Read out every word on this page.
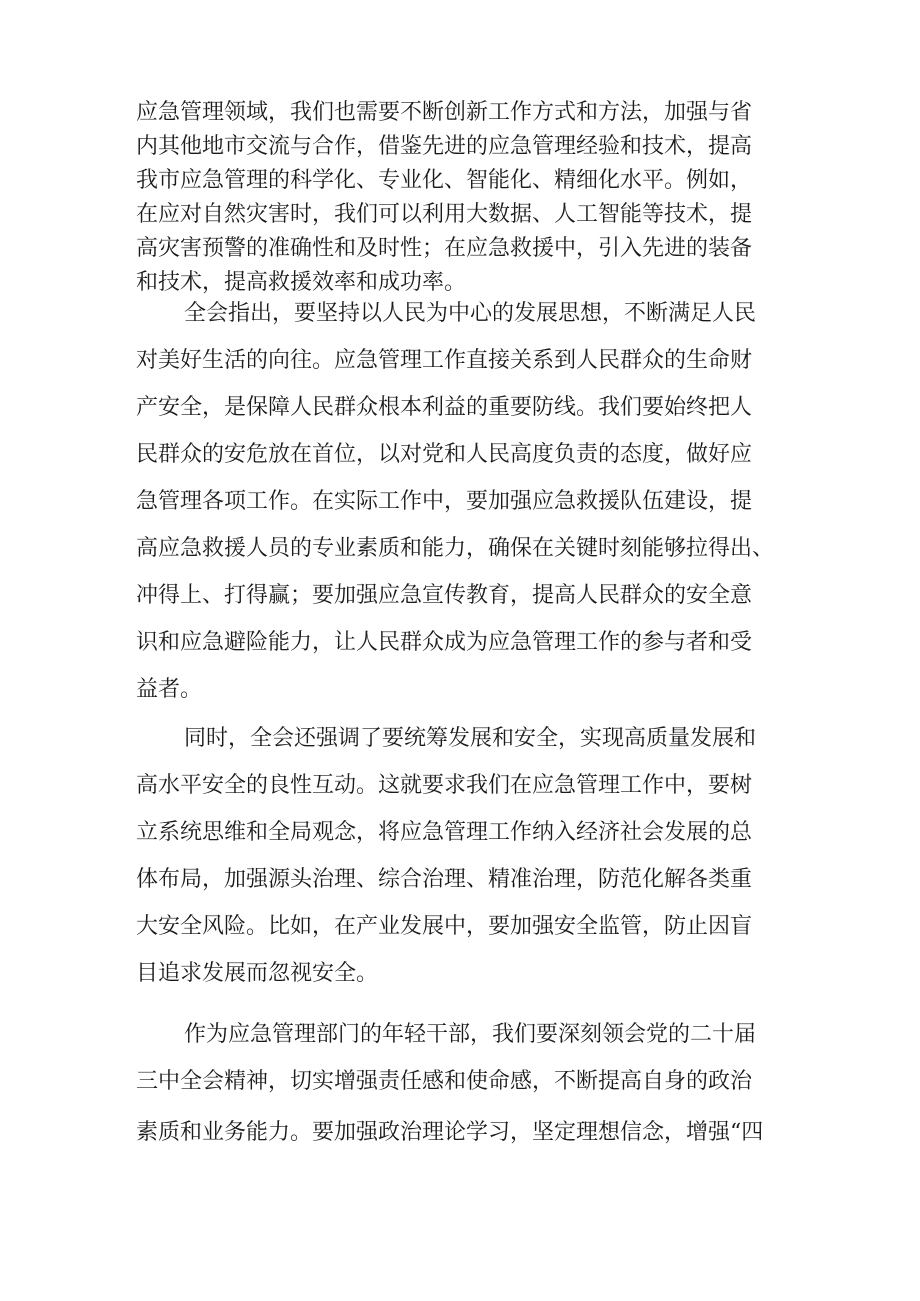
应急管理领域，我们也需要不断创新工作方式和方法，加强与省
内其他地市交流与合作，借鉴先进的应急管理经验和技术，提高
我市应急管理的科学化、专业化、智能化、精细化水平。例如，
在应对自然灾害时，我们可以利用大数据、人工智能等技术，提
高灾害预警的准确性和及时性；在应急救援中，引入先进的装备
和技术，提高救援效率和成功率。
全会指出，要坚持以人民为中心的发展思想，不断满足人民
对美好生活的向往。应急管理工作直接关系到人民群众的生命财
产安全，是保障人民群众根本利益的重要防线。我们要始终把人
民群众的安危放在首位，以对党和人民高度负责的态度，做好应
急管理各项工作。在实际工作中，要加强应急救援队伍建设，提
高应急救援人员的专业素质和能力，确保在关键时刻能够拉得出、
冲得上、打得赢；要加强应急宣传教育，提高人民群众的安全意
识和应急避险能力，让人民群众成为应急管理工作的参与者和受
益者。
同时，全会还强调了要统筹发展和安全，实现高质量发展和
高水平安全的良性互动。这就要求我们在应急管理工作中，要树
立系统思维和全局观念，将应急管理工作纳入经济社会发展的总
体布局，加强源头治理、综合治理、精准治理，防范化解各类重
大安全风险。比如，在产业发展中，要加强安全监管，防止因盲
目追求发展而忽视安全。
作为应急管理部门的年轻干部，我们要深刻领会党的二十届
三中全会精神，切实增强责任感和使命感，不断提高自身的政治
素质和业务能力。要加强政治理论学习，坚定理想信念，增强“四
